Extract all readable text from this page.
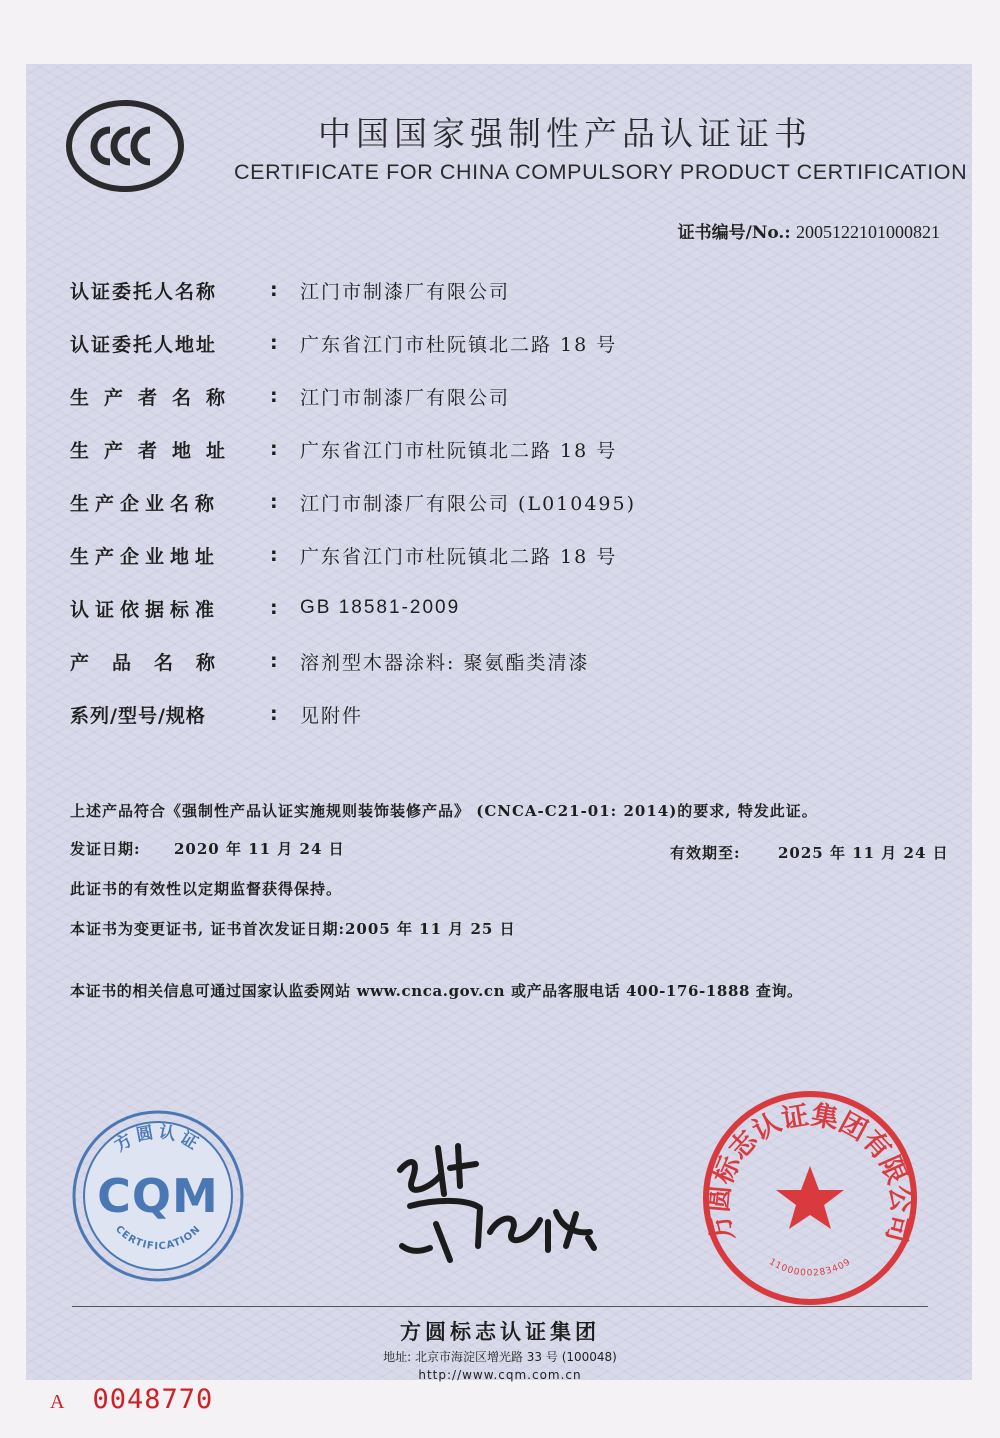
中国国家强制性产品认证证书
CERTIFICATE FOR CHINA COMPULSORY PRODUCT CERTIFICATION
证书编号/No.: 2005122101000821
认证委托人名称	:	江门市制漆厂有限公司
认证委托人地址	:	广东省江门市杜阮镇北二路 18 号
生产者名称	:	江门市制漆厂有限公司
生产者地址	:	广东省江门市杜阮镇北二路 18 号
生产企业名称	:	江门市制漆厂有限公司 (L010495)
生产企业地址	:	广东省江门市杜阮镇北二路 18 号
认证依据标准	:	GB 18581-2009
产品名称	:	溶剂型木器涂料: 聚氨酯类清漆
系列/型号/规格	:	见附件
上述产品符合《强制性产品认证实施规则装饰装修产品》 (CNCA-C21-01: 2014)的要求, 特发此证。
发证日期: 2020 年 11 月 24 日	有效期至: 2025 年 11 月 24 日
此证书的有效性以定期监督获得保持。
本证书为变更证书, 证书首次发证日期:2005 年 11 月 25 日
本证书的相关信息可通过国家认监委网站 www.cnca.gov.cn 或产品客服电话 400-176-1888 查询。
方圆认证
CQM
CERTIFICATION	方圆标志认证集团有限公司
1100000283409
方圆标志认证集团
地址: 北京市海淀区增光路 33 号 (100048)
http://www.cqm.com.cn
A 0048770
